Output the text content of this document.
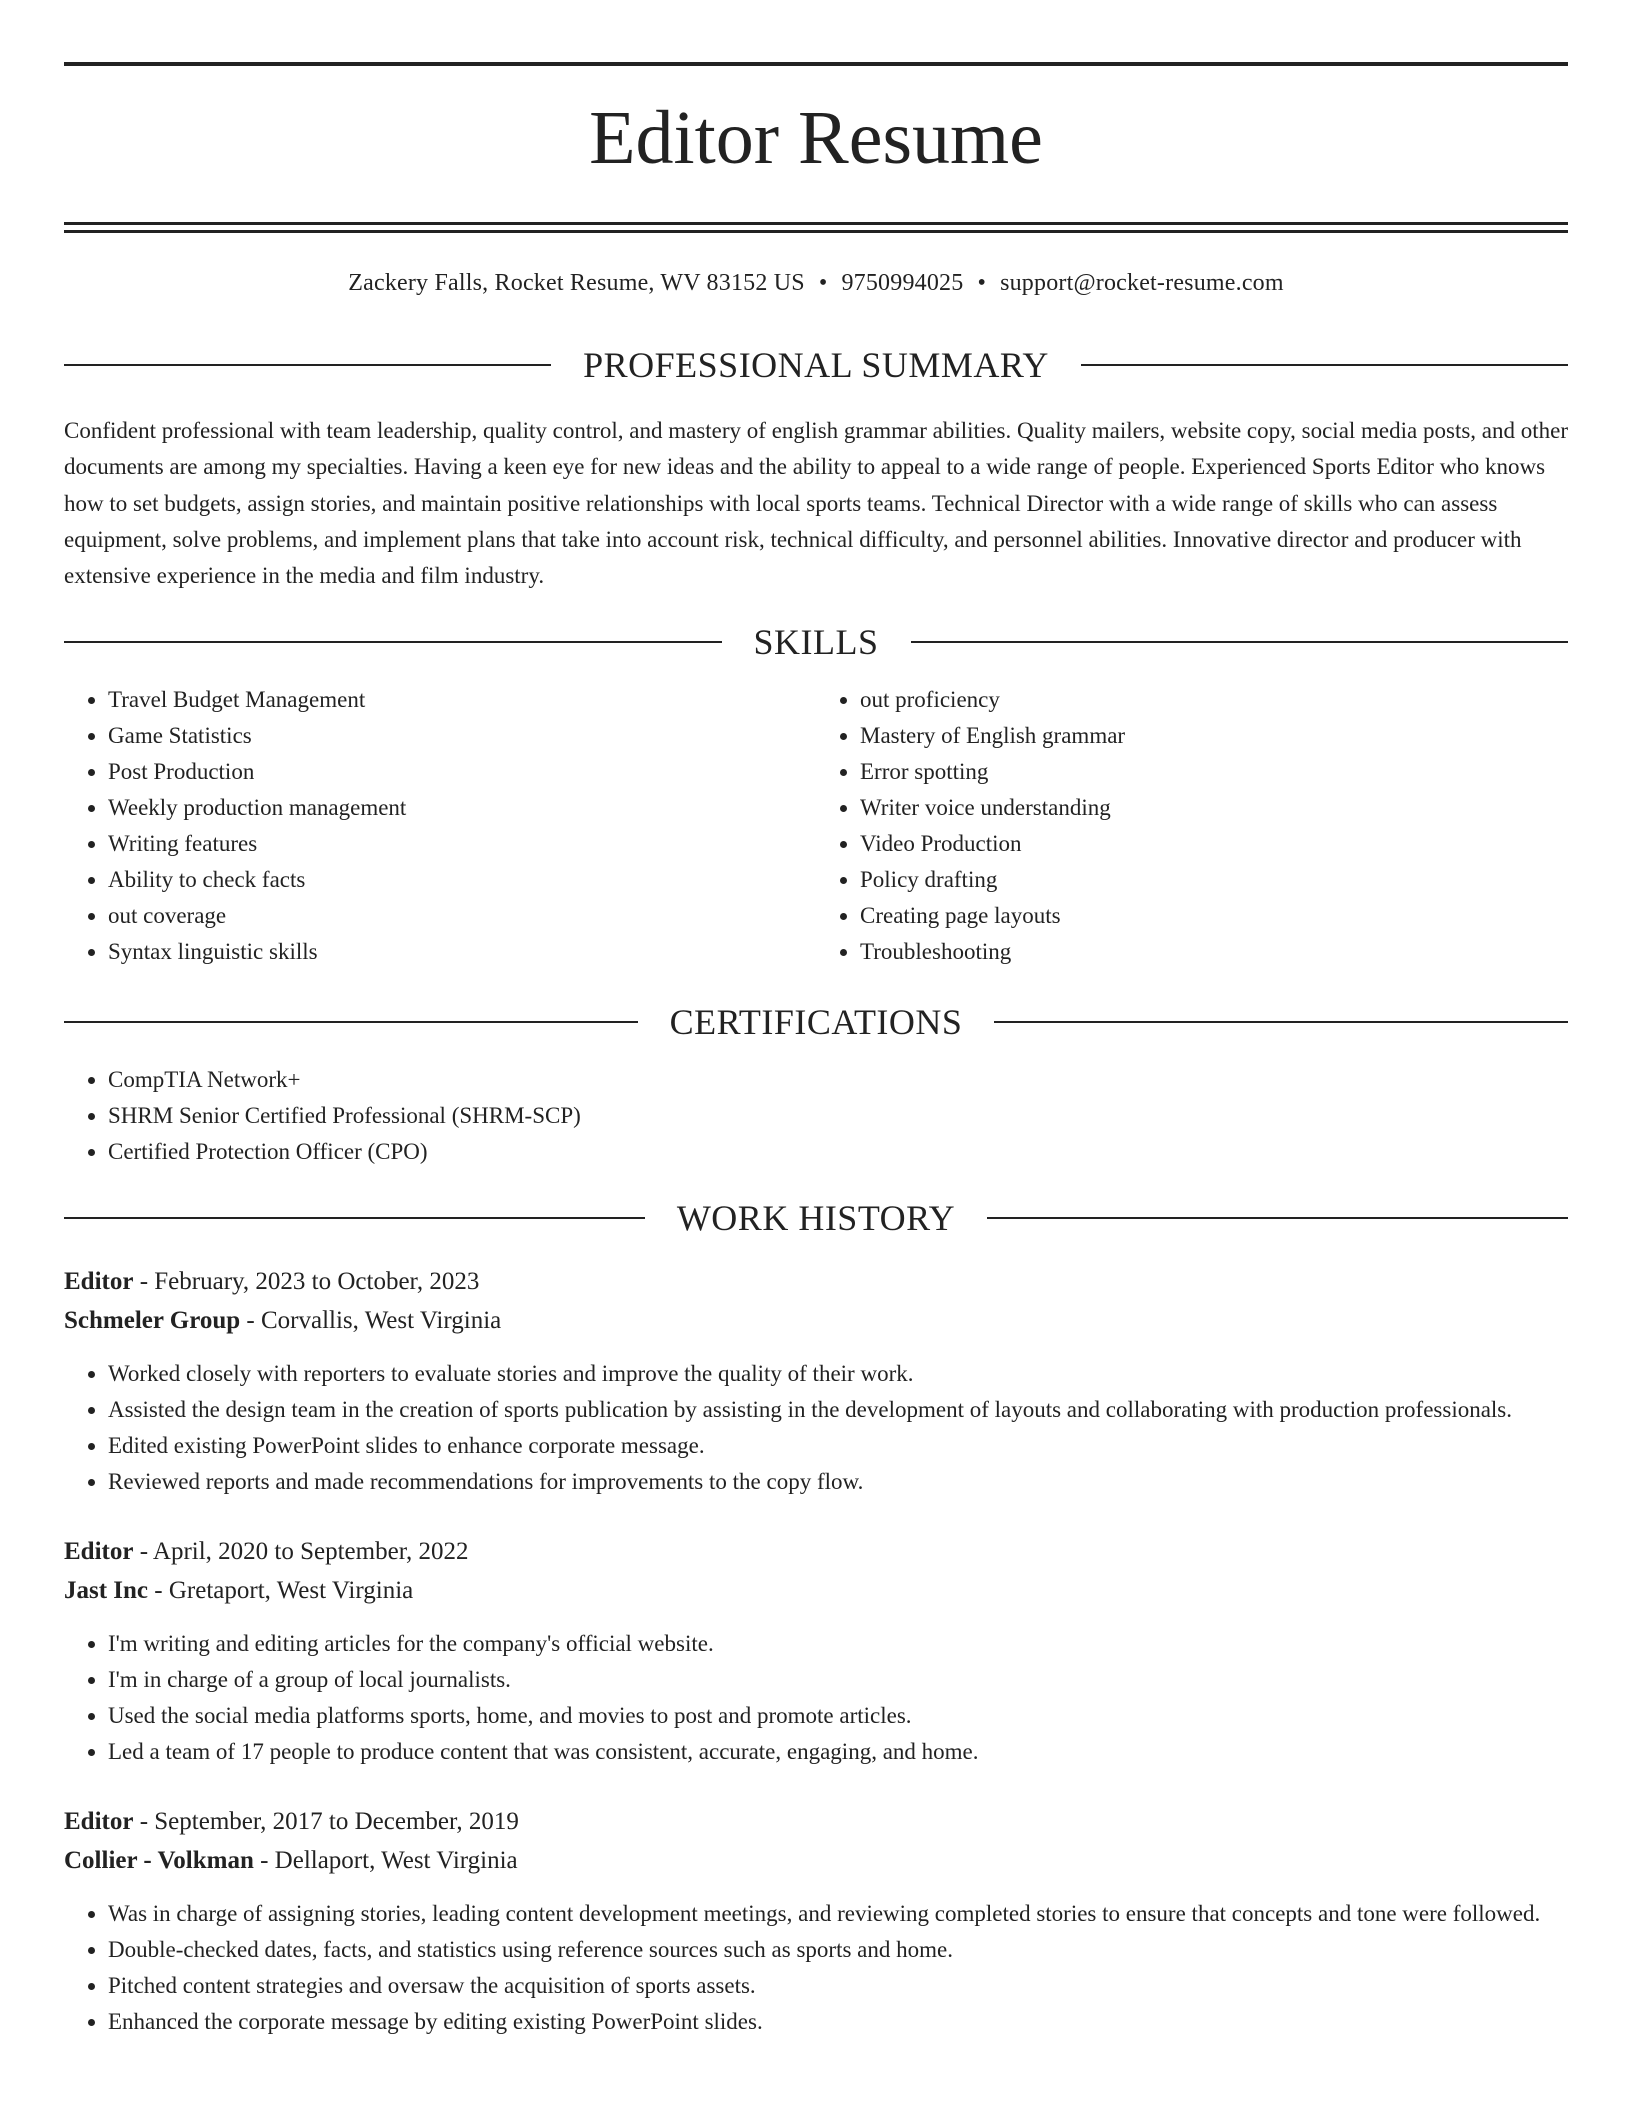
Editor Resume
Zackery Falls, Rocket Resume, WV 83152 US • 9750994025 • support@rocket-resume.com
PROFESSIONAL SUMMARY

Confident professional with team leadership, quality control, and mastery of english grammar abilities. Quality mailers, website copy, social media posts, and other documents are among my specialties. Having a keen eye for new ideas and the ability to appeal to a wide range of people. Experienced Sports Editor who knows how to set budgets, assign stories, and maintain positive relationships with local sports teams. Technical Director with a wide range of skills who can assess equipment, solve problems, and implement plans that take into account risk, technical difficulty, and personnel abilities. Innovative director and producer with extensive experience in the media and film industry.

SKILLS
• Travel Budget Management
• Game Statistics
• Post Production
• Weekly production management
• Writing features
• Ability to check facts
• out coverage
• Syntax linguistic skills
• out proficiency
• Mastery of English grammar
• Error spotting
• Writer voice understanding
• Video Production
• Policy drafting
• Creating page layouts
• Troubleshooting
CERTIFICATIONS
• CompTIA Network+
• SHRM Senior Certified Professional (SHRM-SCP)
• Certified Protection Officer (CPO)
WORK HISTORY
Editor - February, 2023 to October, 2023
Schmeler Group - Corvallis, West Virginia
• Worked closely with reporters to evaluate stories and improve the quality of their work.
• Assisted the design team in the creation of sports publication by assisting in the development of layouts and collaborating with production professionals.
• Edited existing PowerPoint slides to enhance corporate message.
• Reviewed reports and made recommendations for improvements to the copy flow.
Editor - April, 2020 to September, 2022
Jast Inc - Gretaport, West Virginia
• I'm writing and editing articles for the company's official website.
• I'm in charge of a group of local journalists.
• Used the social media platforms sports, home, and movies to post and promote articles.
• Led a team of 17 people to produce content that was consistent, accurate, engaging, and home.
Editor - September, 2017 to December, 2019
Collier - Volkman - Dellaport, West Virginia
• Was in charge of assigning stories, leading content development meetings, and reviewing completed stories to ensure that concepts and tone were followed.
• Double-checked dates, facts, and statistics using reference sources such as sports and home.
• Pitched content strategies and oversaw the acquisition of sports assets.
• Enhanced the corporate message by editing existing PowerPoint slides.
